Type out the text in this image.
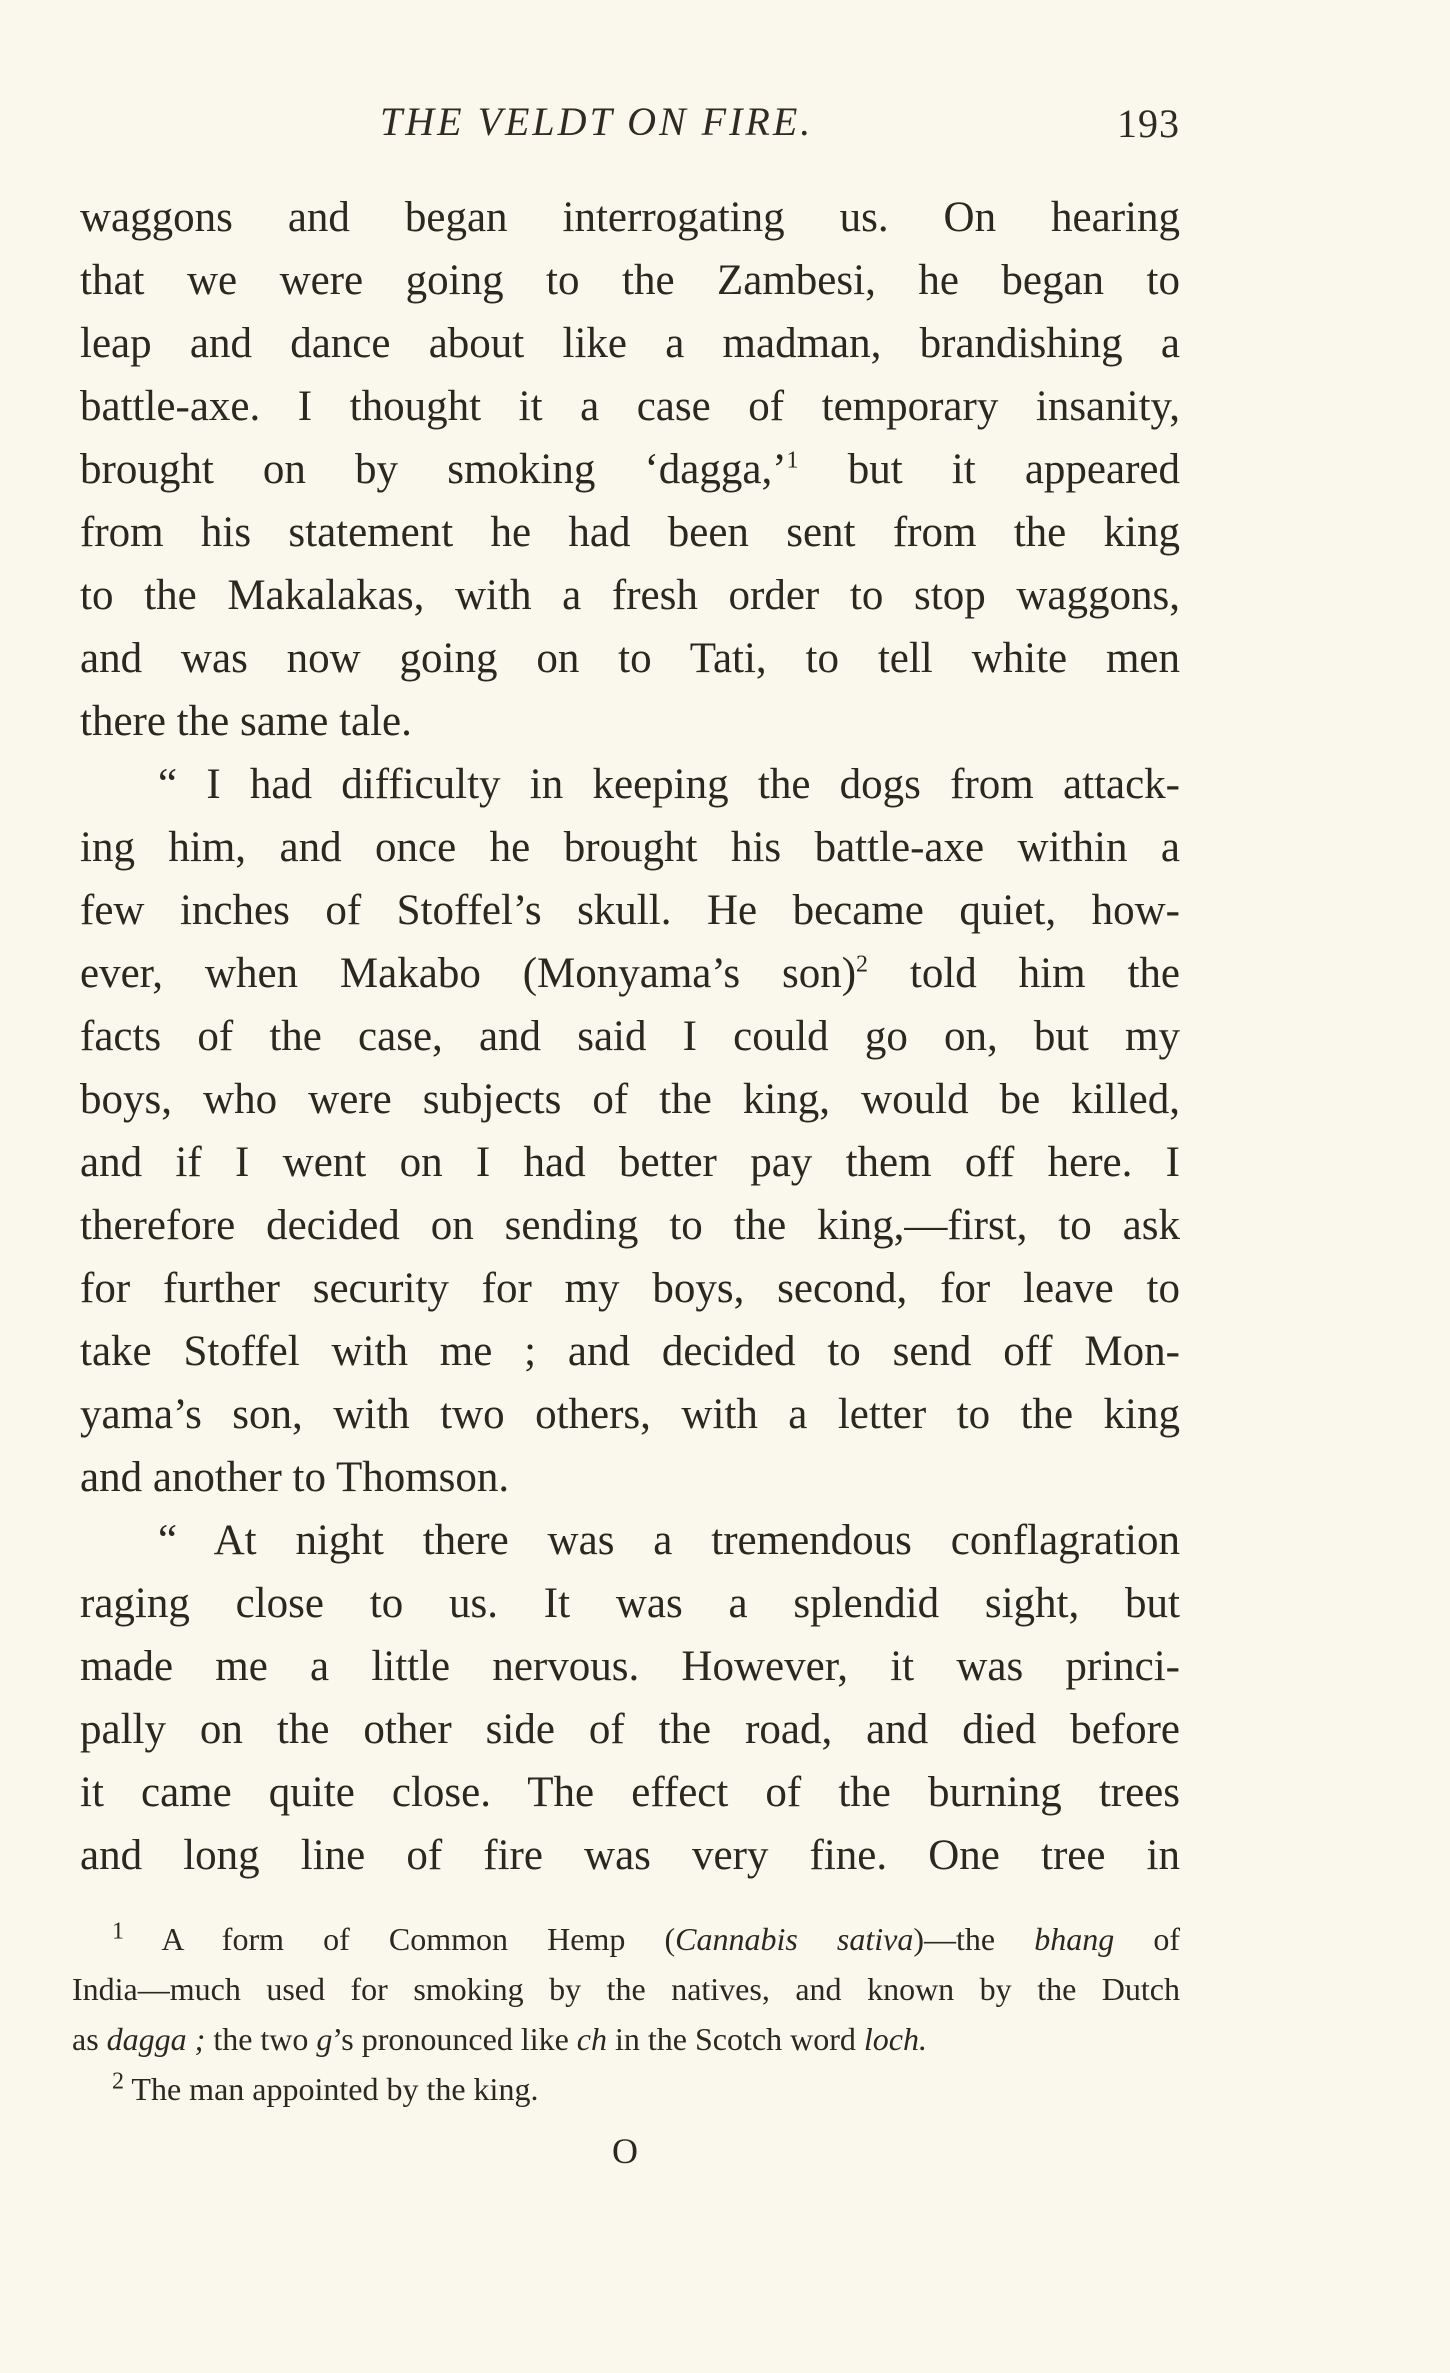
THE VELDT ON FIRE.	193
waggons and began interrogating us. On hearing
that we were going to the Zambesi, he began to
leap and dance about like a madman, brandishing a
battle-axe. I thought it a case of temporary insanity,
brought on by smoking ‘dagga,’$^1$ but it appeared
from his statement he had been sent from the king
to the Makalakas, with a fresh order to stop waggons,
and was now going on to Tati, to tell white men
there the same tale.
“ I had difficulty in keeping the dogs from attack-
ing him, and once he brought his battle-axe within a
few inches of Stoffel’s skull. He became quiet, how-
ever, when Makabo (Monyama’s son)$^2$ told him the
facts of the case, and said I could go on, but my
boys, who were subjects of the king, would be killed,
and if I went on I had better pay them off here. I
therefore decided on sending to the king,—first, to ask
for further security for my boys, second, for leave to
take Stoffel with me ; and decided to send off Mon-
yama’s son, with two others, with a letter to the king
and another to Thomson.
“ At night there was a tremendous conflagration
raging close to us. It was a splendid sight, but
made me a little nervous. However, it was princi-
pally on the other side of the road, and died before
it came quite close. The effect of the burning trees
and long line of fire was very fine. One tree in
$^1$ A form of Common Hemp (Cannabis sativa)—the bhang of
India—much used for smoking by the natives, and known by the Dutch
as dagga ; the two g’s pronounced like ch in the Scotch word loch.
$^2$ The man appointed by the king.
O
